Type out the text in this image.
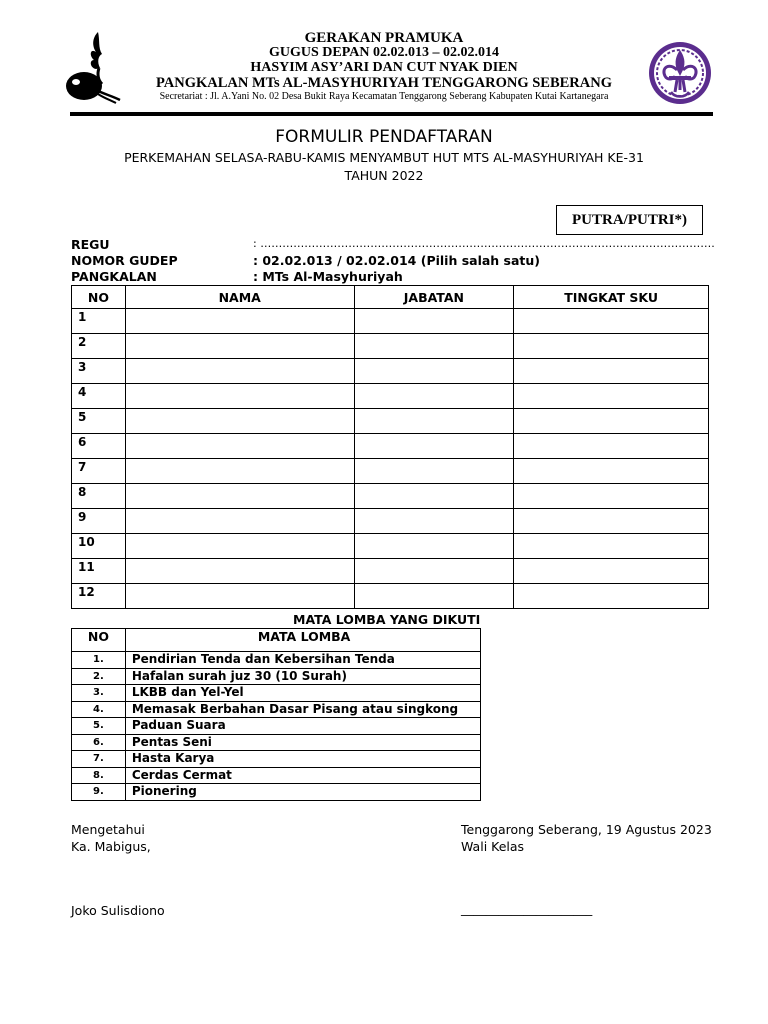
GERAKAN PRAMUKA
GUGUS DEPAN 02.02.013 – 02.02.014
HASYIM ASY’ARI DAN CUT NYAK DIEN
PANGKALAN MTs AL-MASYHURIYAH TENGGARONG SEBERANG
Secretariat : Jl. A.Yani No. 02 Desa Bukit Raya Kecamatan Tenggarong Seberang Kabupaten Kutai Kartanegara
FORMULIR PENDAFTARAN
PERKEMAHAN SELASA-RABU-KAMIS MENYAMBUT HUT MTS AL-MASYHURIYAH KE-31
TAHUN 2022
PUTRA/PUTRI*)
REGU	: …………………………………………………………………………………………………………….
NOMOR GUDEP	: 02.02.013 / 02.02.014 (Pilih salah satu)
PANGKALAN	: MTs Al-Masyhuriyah
NO	NAMA	JABATAN	TINGKAT SKU
1			
2			
3			
4			
5			
6			
7			
8			
9			
10			
11			
12			
MATA LOMBA YANG DIKUTI
NO	MATA LOMBA
1.	Pendirian Tenda dan Kebersihan Tenda
2.	Hafalan surah juz 30 (10 Surah)
3.	LKBB dan Yel-Yel
4.	Memasak Berbahan Dasar Pisang atau singkong
5.	Paduan Suara
6.	Pentas Seni
7.	Hasta Karya
8.	Cerdas Cermat
9.	Pionering
Mengetahui
Ka. Mabigus,
Joko Sulisdiono
Tenggarong Seberang, 19 Agustus 2023
Wali Kelas
_____________________
